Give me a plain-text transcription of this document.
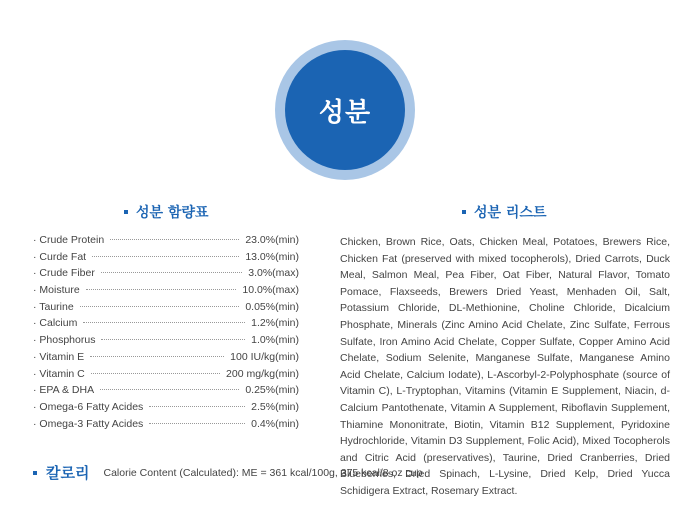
성분
성분 함량표	성분 리스트
· Crude Protein	23.0%(min)
· Curde Fat	13.0%(min)
· Crude Fiber	3.0%(max)
· Moisture	10.0%(max)
· Taurine	0.05%(min)
· Calcium	1.2%(min)
· Phosphorus	1.0%(min)
· Vitamin E	100 IU/kg(min)
· Vitamin C	200 mg/kg(min)
· EPA & DHA	0.25%(min)
· Omega-6 Fatty Acides	2.5%(min)
· Omega-3 Fatty Acides	0.4%(min)

Chicken, Brown Rice, Oats, Chicken Meal, Potatoes, Brewers Rice, Chicken Fat (preserved with mixed tocopherols), Dried Carrots, Duck Meal, Salmon Meal, Pea Fiber, Oat Fiber, Natural Flavor, Tomato Pomace, Flaxseeds, Brewers Dried Yeast, Menhaden Oil, Salt, Potassium Chloride, DL-Methionine, Choline Chloride, Dicalcium Phosphate, Minerals (Zinc Amino Acid Chelate, Zinc Sulfate, Ferrous Sulfate, Iron Amino Acid Chelate, Copper Sulfate, Copper Amino Acid Chelate, Sodium Selenite, Manganese Sulfate, Manganese Amino Acid Chelate, Calcium Iodate), L-Ascorbyl-2-Polyphosphate (source of Vitamin C), L-Tryptophan, Vitamins (Vitamin E Supplement, Niacin, d-Calcium Pantothenate, Vitamin A Supplement, Riboflavin Supplement, Thiamine Mononitrate, Biotin, Vitamin B12 Supplement, Pyridoxine Hydrochloride, Vitamin D3 Supplement, Folic Acid), Mixed Tocopherols and Citric Acid (preservatives), Taurine, Dried Cranberries, Dried Blueberries, Dried Spinach, L-Lysine, Dried Kelp, Dried Yucca Schidigera Extract, Rosemary Extract.

칼로리 Calorie Content (Calculated): ME = 361 kcal/100g, 375 kcal/8 oz cup
